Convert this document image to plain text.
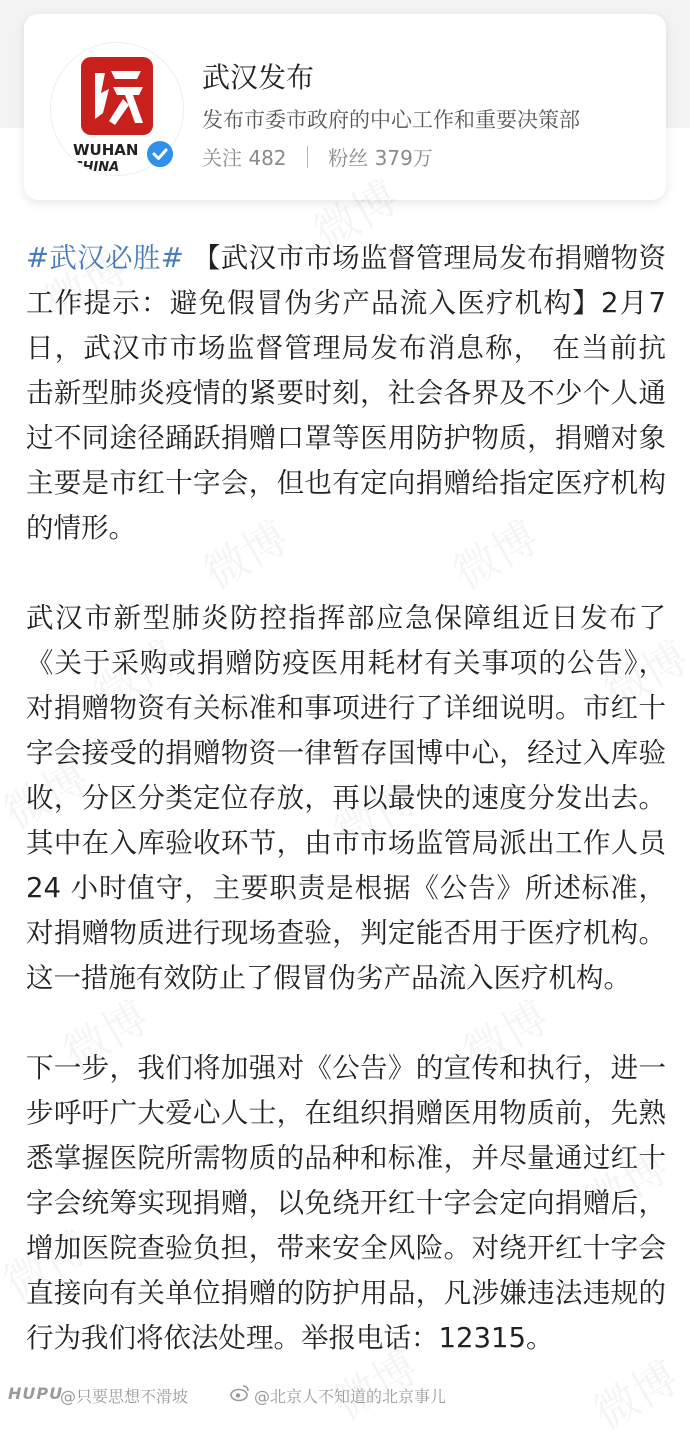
WUHAN
CHINA
武汉发布
发布市委市政府的中心工作和重要决策部
关注 482 粉丝 379万

#武汉必胜# 【武汉市市场监督管理局发布捐赠物资工作提示：避免假冒伪劣产品流入医疗机构】2月7日，武汉市市场监督管理局发布消息称， 在当前抗击新型肺炎疫情的紧要时刻，社会各界及不少个人通过不同途径踊跃捐赠口罩等医用防护物质，捐赠对象主要是市红十字会，但也有定向捐赠给指定医疗机构的情形。

武汉市新型肺炎防控指挥部应急保障组近日发布了《关于采购或捐赠防疫医用耗材有关事项的公告》，对捐赠物资有关标准和事项进行了详细说明。市红十字会接受的捐赠物资一律暂存国博中心，经过入库验收，分区分类定位存放，再以最快的速度分发出去。其中在入库验收环节，由市市场监管局派出工作人员 24 小时值守，主要职责是根据《公告》所述标准，对捐赠物质进行现场查验，判定能否用于医疗机构。这一措施有效防止了假冒伪劣产品流入医疗机构。

下一步，我们将加强对《公告》的宣传和执行，进一步呼吁广大爱心人士，在组织捐赠医用物质前，先熟悉掌握医院所需物质的品种和标准，并尽量通过红十字会统筹实现捐赠，以免绕开红十字会定向捐赠后，增加医院查验负担，带来安全风险。对绕开红十字会直接向有关单位捐赠的防护用品，凡涉嫌违法违规的行为我们将依法处理。举报电话：12315。

HUPU
@只要思想不滑坡	@北京人不知道的北京事儿
